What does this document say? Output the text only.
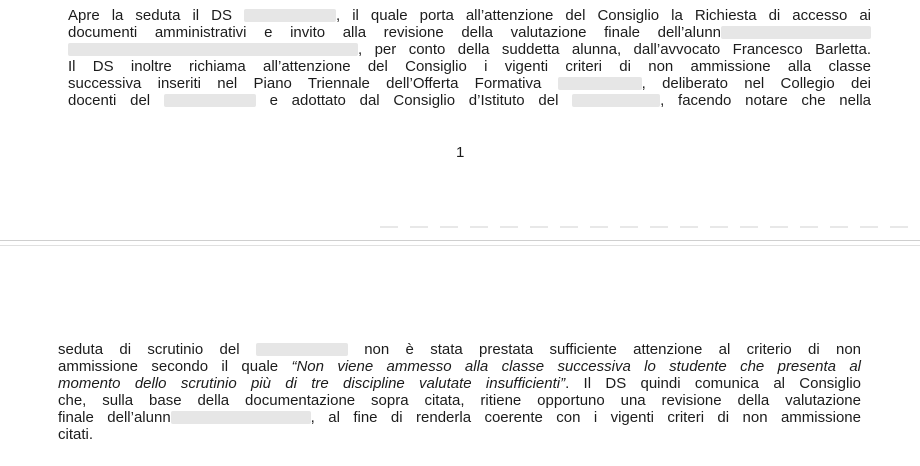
Apre la seduta il DS	, il quale porta all’attenzione del Consiglio la Richiesta di accesso ai
documenti amministrativi e invito alla revisione della valutazione finale dell’alunn
, per conto della suddetta alunna, dall’avvocato Francesco Barletta.
Il DS inoltre richiama all’attenzione del Consiglio i vigenti criteri di non ammissione alla classe
successiva inseriti nel Piano Triennale dell’Offerta Formativa	, deliberato nel Collegio dei
docenti del	e adottato dal Consiglio d’Istituto del	, facendo notare che nella
1
seduta di scrutinio del	non è stata prestata sufficiente attenzione al criterio di non
ammissione secondo il quale “Non viene ammesso alla classe successiva lo studente che presenta al
momento dello scrutinio più di tre discipline valutate insufficienti”. Il DS quindi comunica al Consiglio
che, sulla base della documentazione sopra citata, ritiene opportuno una revisione della valutazione
finale dell’alunn	, al fine di renderla coerente con i vigenti criteri di non ammissione
citati.
